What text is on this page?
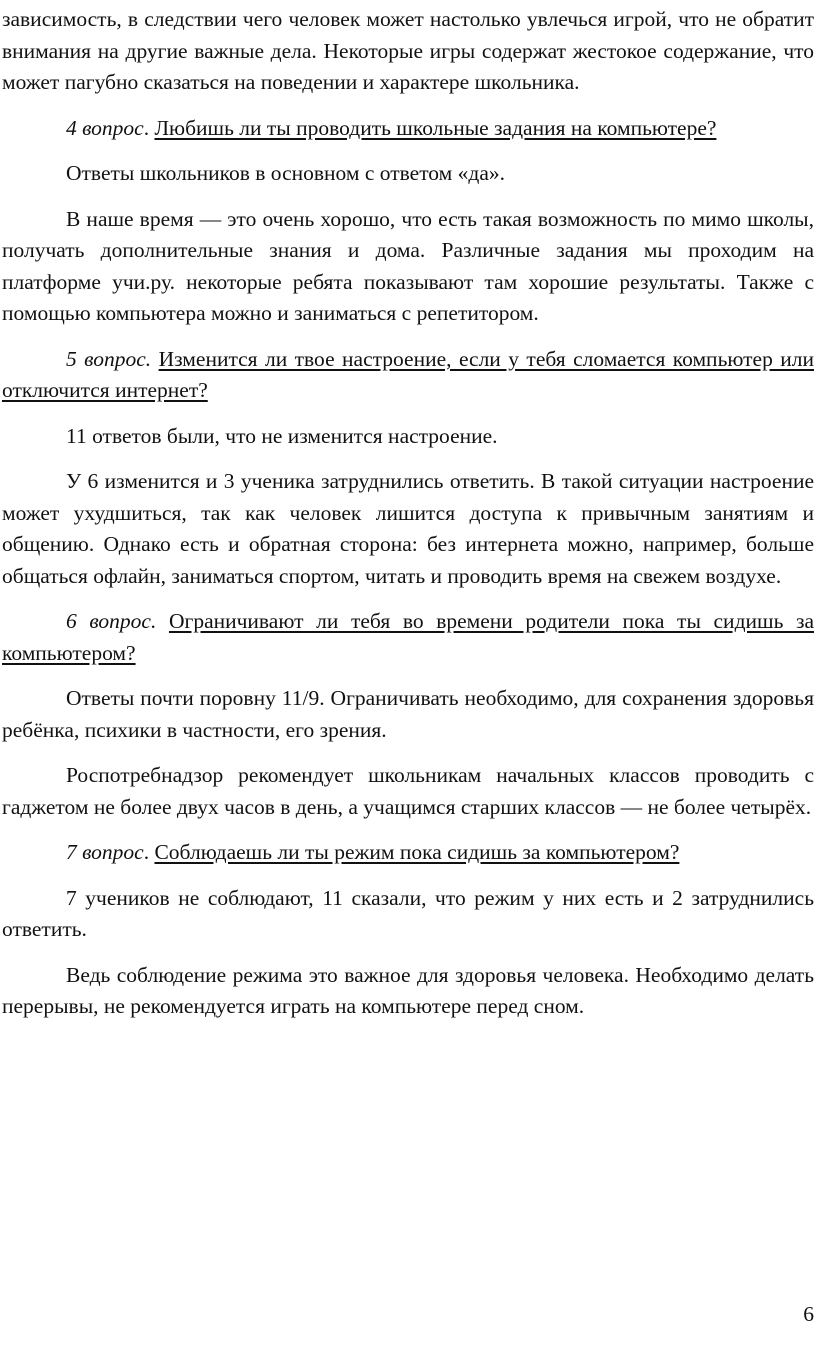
зависимость, в следствии чего человек может настолько увлечься игрой, что не обратит внимания на другие важные дела. Некоторые игры содержат жестокое содержание, что может пагубно сказаться на поведении и характере школьника.

4 вопрос. Любишь ли ты проводить школьные задания на компьютере?

Ответы школьников в основном с ответом «да».

В наше время — это очень хорошо, что есть такая возможность по мимо школы, получать дополнительные знания и дома. Различные задания мы проходим на платформе учи.ру. некоторые ребята показывают там хорошие результаты. Также с помощью компьютера можно и заниматься с репетитором.

5 вопрос. Изменится ли твое настроение, если у тебя сломается компьютер или отключится интернет?

11 ответов были, что не изменится настроение.

У 6 изменится и 3 ученика затруднились ответить. В такой ситуации настроение может ухудшиться, так как человек лишится доступа к привычным занятиям и общению. Однако есть и обратная сторона: без интернета можно, например, больше общаться офлайн, заниматься спортом, читать и проводить время на свежем воздухе.

6 вопрос. Ограничивают ли тебя во времени родители пока ты сидишь за компьютером?

Ответы почти поровну 11/9. Ограничивать необходимо, для сохранения здоровья ребёнка, психики в частности, его зрения.

Роспотребнадзор рекомендует школьникам начальных классов проводить с гаджетом не более двух часов в день, а учащимся старших классов — не более четырёх.

7 вопрос. Соблюдаешь ли ты режим пока сидишь за компьютером?

7 учеников не соблюдают, 11 сказали, что режим у них есть и 2 затруднились ответить.

Ведь соблюдение режима это важное для здоровья человека. Необходимо делать перерывы, не рекомендуется играть на компьютере перед сном.

6
